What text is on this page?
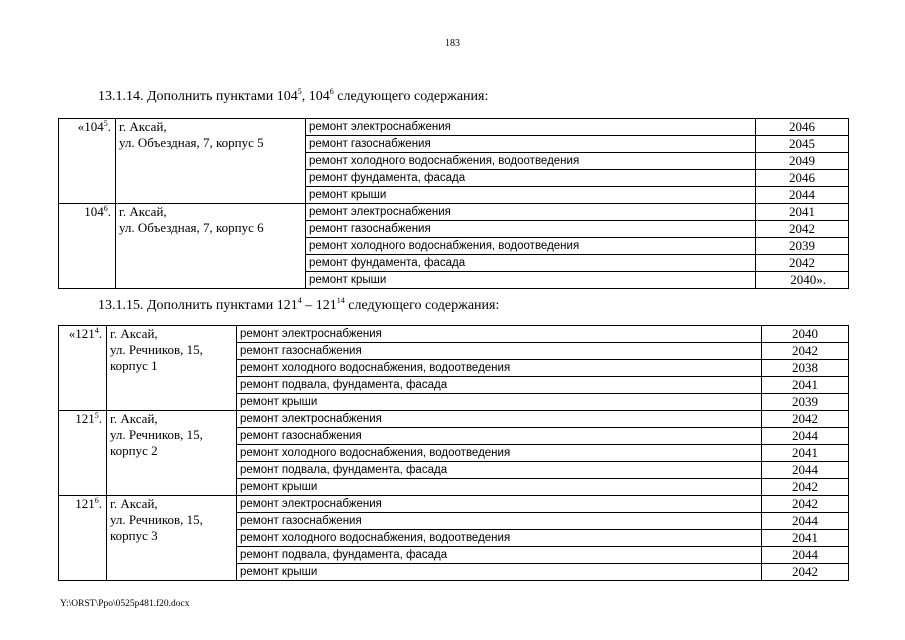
183
13.1.14. Дополнить пунктами $104^5$, $104^6$ следующего содержания:
«$104^5$.	г. Аксай,
ул. Объездная, 7, корпус 5	ремонт электроснабжения	2046
		ремонт газоснабжения	2045
		ремонт холодного водоснабжения, водоотведения	2049
		ремонт фундамента, фасада	2046
		ремонт крыши	2044
$104^6$.	г. Аксай,
ул. Объездная, 7, корпус 6	ремонт электроснабжения	2041
		ремонт газоснабжения	2042
		ремонт холодного водоснабжения, водоотведения	2039
		ремонт фундамента, фасада	2042
		ремонт крыши	2040».
13.1.15. Дополнить пунктами $121^4 - 121^{14}$ следующего содержания:
«$121^4$.	г. Аксай,
ул. Речников, 15,
корпус 1	ремонт электроснабжения	2040
		ремонт газоснабжения	2042
		ремонт холодного водоснабжения, водоотведения	2038
		ремонт подвала, фундамента, фасада	2041
		ремонт крыши	2039
$121^5$.	г. Аксай,
ул. Речников, 15,
корпус 2	ремонт электроснабжения	2042
		ремонт газоснабжения	2044
		ремонт холодного водоснабжения, водоотведения	2041
		ремонт подвала, фундамента, фасада	2044
		ремонт крыши	2042
$121^6$.	г. Аксай,
ул. Речников, 15,
корпус 3	ремонт электроснабжения	2042
		ремонт газоснабжения	2044
		ремонт холодного водоснабжения, водоотведения	2041
		ремонт подвала, фундамента, фасада	2044
		ремонт крыши	2042
Y:\ORST\Ppo\0525p481.f20.docx
